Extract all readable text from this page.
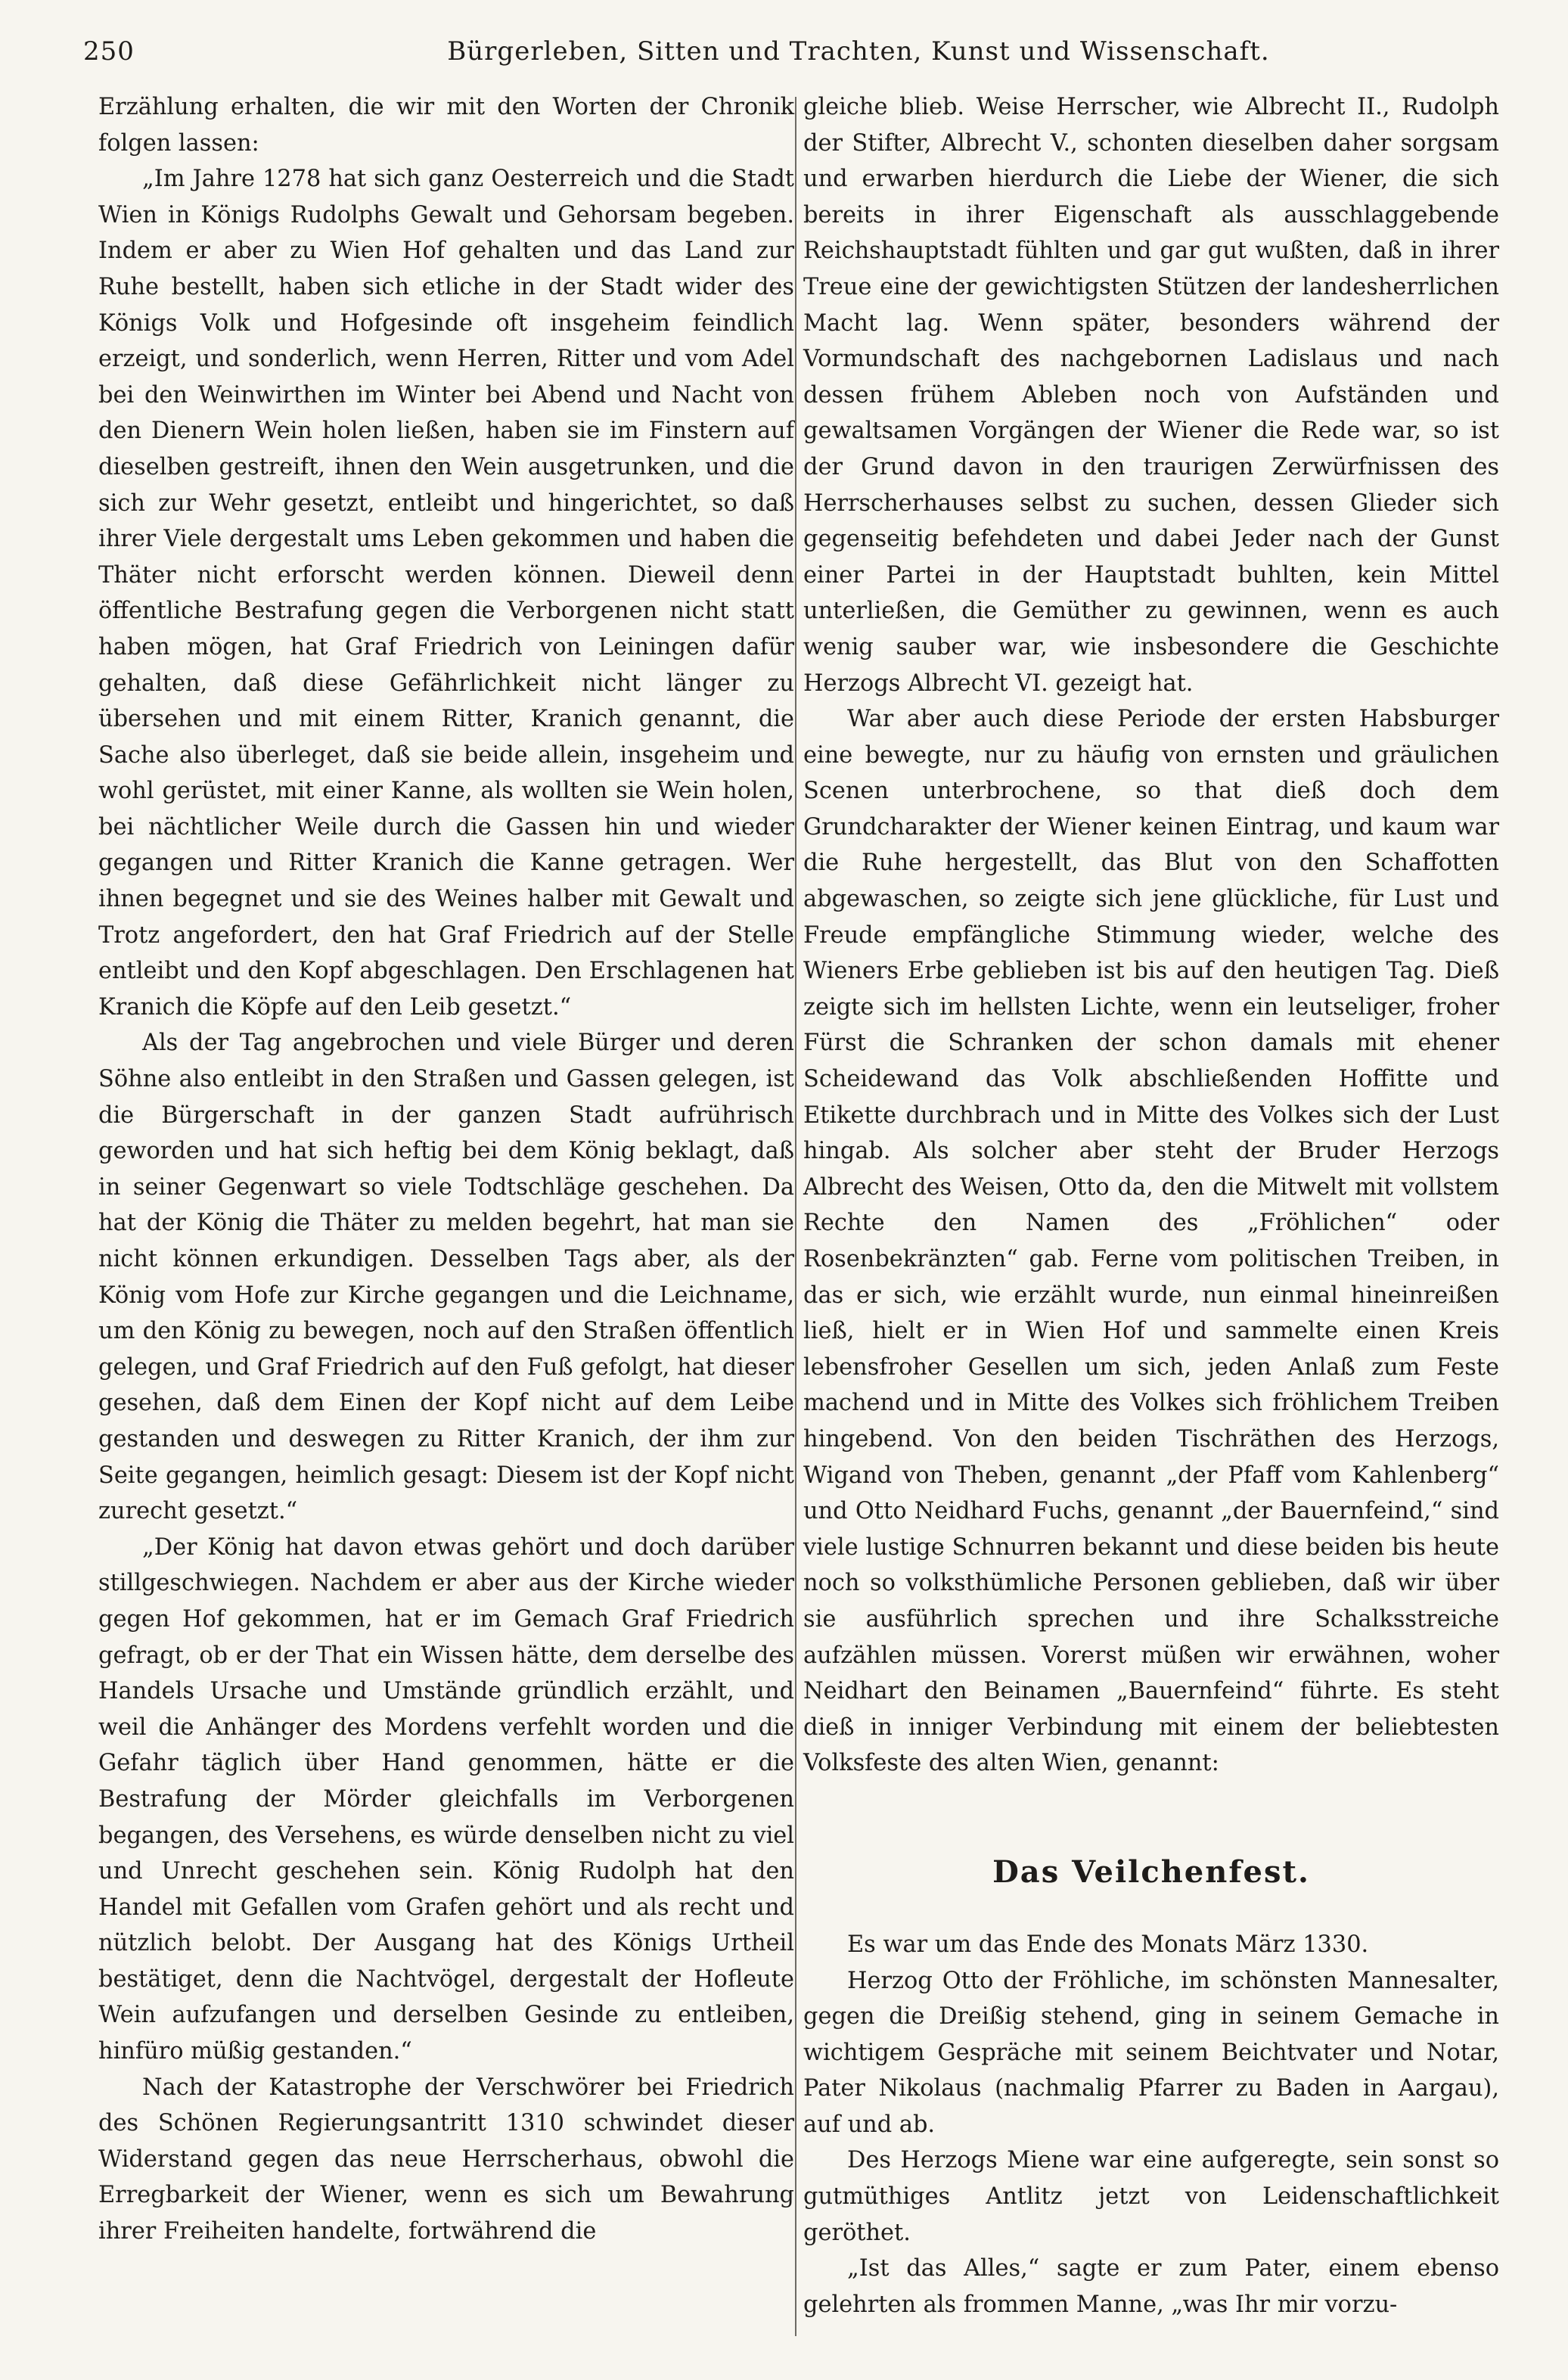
250	Bürgerleben, Sitten und Trachten, Kunst und Wissenschaft.

Erzählung erhalten, die wir mit den Worten der Chronik folgen lassen:

„Im Jahre 1278 hat sich ganz Oesterreich und die Stadt Wien in Königs Rudolphs Gewalt und Gehorsam begeben. Indem er aber zu Wien Hof gehalten und das Land zur Ruhe bestellt, haben sich etliche in der Stadt wider des Königs Volk und Hofgesinde oft insgeheim feindlich erzeigt, und sonderlich, wenn Herren, Ritter und vom Adel bei den Weinwirthen im Winter bei Abend und Nacht von den Dienern Wein holen ließen, haben sie im Finstern auf dieselben gestreift, ihnen den Wein ausgetrunken, und die sich zur Wehr gesetzt, entleibt und hingerichtet, so daß ihrer Viele dergestalt ums Leben gekommen und haben die Thäter nicht erforscht werden können. Dieweil denn öffentliche Bestrafung gegen die Verborgenen nicht statt haben mögen, hat Graf Friedrich von Leiningen dafür gehalten, daß diese Gefährlichkeit nicht länger zu übersehen und mit einem Ritter, Kranich genannt, die Sache also überleget, daß sie beide allein, insgeheim und wohl gerüstet, mit einer Kanne, als wollten sie Wein holen, bei nächtlicher Weile durch die Gassen hin und wieder gegangen und Ritter Kranich die Kanne getragen. Wer ihnen begegnet und sie des Weines halber mit Gewalt und Trotz angefordert, den hat Graf Friedrich auf der Stelle entleibt und den Kopf abgeschlagen. Den Erschlagenen hat Kranich die Köpfe auf den Leib gesetzt.“

Als der Tag angebrochen und viele Bürger und deren Söhne also entleibt in den Straßen und Gassen gelegen, ist die Bürgerschaft in der ganzen Stadt aufrührisch geworden und hat sich heftig bei dem König beklagt, daß in seiner Gegenwart so viele Todtschläge geschehen. Da hat der König die Thäter zu melden begehrt, hat man sie nicht können erkundigen. Desselben Tags aber, als der König vom Hofe zur Kirche gegangen und die Leichname, um den König zu bewegen, noch auf den Straßen öffentlich gelegen, und Graf Friedrich auf den Fuß gefolgt, hat dieser gesehen, daß dem Einen der Kopf nicht auf dem Leibe gestanden und deswegen zu Ritter Kranich, der ihm zur Seite gegangen, heimlich gesagt: Diesem ist der Kopf nicht zurecht gesetzt.“

„Der König hat davon etwas gehört und doch darüber stillgeschwiegen. Nachdem er aber aus der Kirche wieder gegen Hof gekommen, hat er im Gemach Graf Friedrich gefragt, ob er der That ein Wissen hätte, dem derselbe des Handels Ursache und Umstände gründlich erzählt, und weil die Anhänger des Mordens verfehlt worden und die Gefahr täglich über Hand genommen, hätte er die Bestrafung der Mörder gleichfalls im Verborgenen begangen, des Versehens, es würde denselben nicht zu viel und Unrecht geschehen sein. König Rudolph hat den Handel mit Gefallen vom Grafen gehört und als recht und nützlich belobt. Der Ausgang hat des Königs Urtheil bestätiget, denn die Nachtvögel, dergestalt der Hofleute Wein aufzufangen und derselben Gesinde zu entleiben, hinfüro müßig gestanden.“

Nach der Katastrophe der Verschwörer bei Friedrich des Schönen Regierungsantritt 1310 schwindet dieser Widerstand gegen das neue Herrscherhaus, obwohl die Erregbarkeit der Wiener, wenn es sich um Bewahrung ihrer Freiheiten handelte, fortwährend die

gleiche blieb. Weise Herrscher, wie Albrecht II., Rudolph der Stifter, Albrecht V., schonten dieselben daher sorgsam und erwarben hierdurch die Liebe der Wiener, die sich bereits in ihrer Eigenschaft als ausschlaggebende Reichshauptstadt fühlten und gar gut wußten, daß in ihrer Treue eine der gewichtigsten Stützen der landesherrlichen Macht lag. Wenn später, besonders während der Vormundschaft des nachgebornen Ladislaus und nach dessen frühem Ableben noch von Aufständen und gewaltsamen Vorgängen der Wiener die Rede war, so ist der Grund davon in den traurigen Zerwürfnissen des Herrscherhauses selbst zu suchen, dessen Glieder sich gegenseitig befehdeten und dabei Jeder nach der Gunst einer Partei in der Hauptstadt buhlten, kein Mittel unterließen, die Gemüther zu gewinnen, wenn es auch wenig sauber war, wie insbesondere die Geschichte Herzogs Albrecht VI. gezeigt hat.

War aber auch diese Periode der ersten Habsburger eine bewegte, nur zu häufig von ernsten und gräulichen Scenen unterbrochene, so that dieß doch dem Grundcharakter der Wiener keinen Eintrag, und kaum war die Ruhe hergestellt, das Blut von den Schaffotten abgewaschen, so zeigte sich jene glückliche, für Lust und Freude empfängliche Stimmung wieder, welche des Wieners Erbe geblieben ist bis auf den heutigen Tag. Dieß zeigte sich im hellsten Lichte, wenn ein leutseliger, froher Fürst die Schranken der schon damals mit ehener Scheidewand das Volk abschließenden Hoffitte und Etikette durchbrach und in Mitte des Volkes sich der Lust hingab. Als solcher aber steht der Bruder Herzogs Albrecht des Weisen, Otto da, den die Mitwelt mit vollstem Rechte den Namen des „Fröhlichen“ oder Rosenbekränzten“ gab. Ferne vom politischen Treiben, in das er sich, wie erzählt wurde, nun einmal hineinreißen ließ, hielt er in Wien Hof und sammelte einen Kreis lebensfroher Gesellen um sich, jeden Anlaß zum Feste machend und in Mitte des Volkes sich fröhlichem Treiben hingebend. Von den beiden Tischräthen des Herzogs, Wigand von Theben, genannt „der Pfaff vom Kahlenberg“ und Otto Neidhard Fuchs, genannt „der Bauernfeind,“ sind viele lustige Schnurren bekannt und diese beiden bis heute noch so volksthümliche Personen geblieben, daß wir über sie ausführlich sprechen und ihre Schalksstreiche aufzählen müssen. Vorerst müßen wir erwähnen, woher Neidhart den Beinamen „Bauernfeind“ führte. Es steht dieß in inniger Verbindung mit einem der beliebtesten Volksfeste des alten Wien, genannt:

Das Veilchenfest.

Es war um das Ende des Monats März 1330.

Herzog Otto der Fröhliche, im schönsten Mannesalter, gegen die Dreißig stehend, ging in seinem Gemache in wichtigem Gespräche mit seinem Beichtvater und Notar, Pater Nikolaus (nachmalig Pfarrer zu Baden in Aargau), auf und ab.

Des Herzogs Miene war eine aufgeregte, sein sonst so gutmüthiges Antlitz jetzt von Leidenschaftlichkeit geröthet.

„Ist das Alles,“ sagte er zum Pater, einem ebenso gelehrten als frommen Manne, „was Ihr mir vorzu-
